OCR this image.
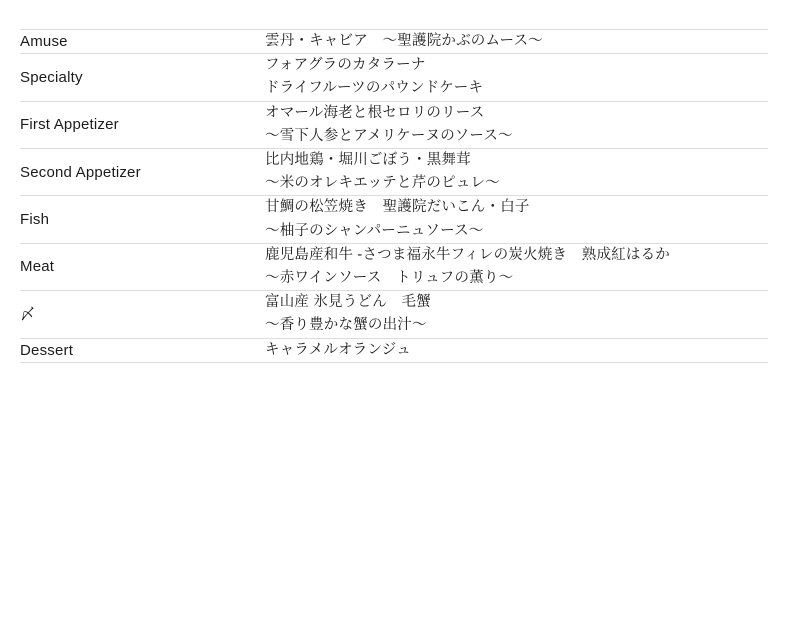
Amuse	雲丹・キャビア　〜聖護院かぶのムース〜

Specialty	フォアグラのカタラーナ
ドライフルーツのパウンドケーキ

First Appetizer	オマール海老と根セロリのリース
〜雪下人参とアメリケーヌのソース〜

Second Appetizer	比内地鶏・堀川ごぼう・黒舞茸
〜米のオレキエッテと芹のピュレ〜

Fish	甘鯛の松笠焼き　聖護院だいこん・白子
〜柚子のシャンパーニュソース〜

Meat	鹿児島産和牛 -さつま福永牛フィレの炭火焼き　熟成紅はるか
〜赤ワインソース　トリュフの薫り〜

〆	富山産 氷見うどん　毛蟹
〜香り豊かな蟹の出汁〜

Dessert	キャラメルオランジュ
